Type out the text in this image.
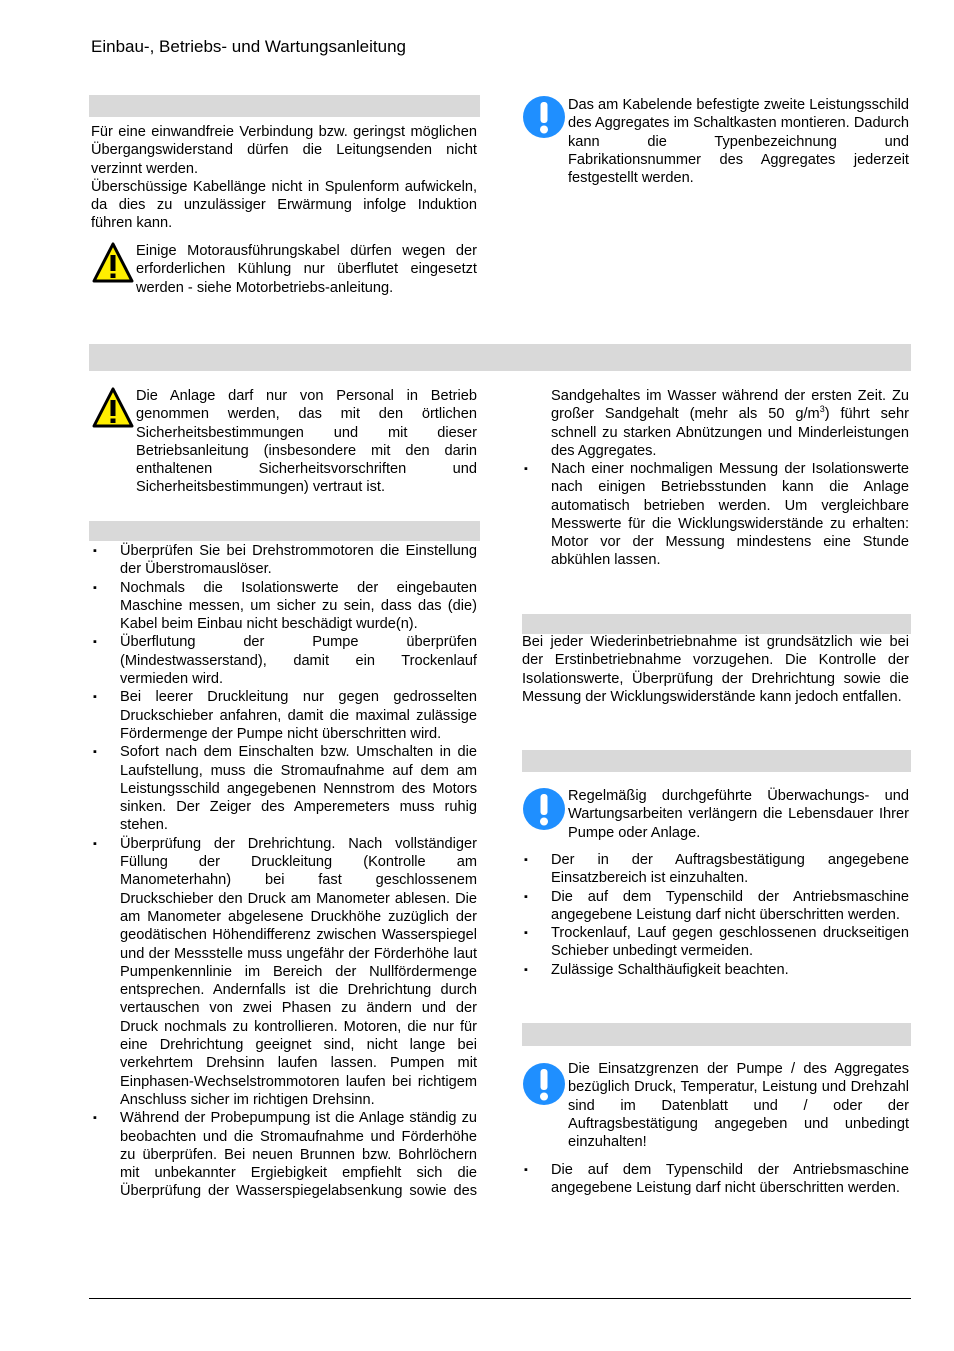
Einbau-, Betriebs- und Wartungsanleitung

Für eine einwandfreie Verbindung bzw. geringst möglichen Übergangswiderstand dürfen die Leitungsenden nicht verzinnt werden.

Überschüssige Kabellänge nicht in Spulenform aufwickeln, da dies zu unzulässiger Erwärmung infolge Induktion führen kann.

Einige Motorausführungskabel dürfen wegen der erforderlichen Kühlung nur überflutet eingesetzt werden - siehe Motorbetriebs-anleitung.
Das am Kabelende befestigte zweite Leistungsschild des Aggregates im Schaltkasten montieren. Dadurch kann die Typenbezeichnung und Fabrikationsnummer des Aggregates jederzeit festgestellt werden.
Die Anlage darf nur von Personal in Betrieb genommen werden, das mit den örtlichen Sicherheitsbestimmungen und mit dieser Betriebsanleitung (insbesondere mit den darin enthaltenen Sicherheitsvorschriften und Sicherheitsbestimmungen) vertraut ist.
▪ Überprüfen Sie bei Drehstrommotoren die Einstellung der Überstromauslöser.
▪ Nochmals die Isolationswerte der eingebauten Maschine messen, um sicher zu sein, dass das (die) Kabel beim Einbau nicht beschädigt wurde(n).
▪ Überflutung der Pumpe überprüfen (Mindestwasserstand), damit ein Trockenlauf vermieden wird.
▪ Bei leerer Druckleitung nur gegen gedrosselten Druckschieber anfahren, damit die maximal zulässige Fördermenge der Pumpe nicht überschritten wird.
▪ Sofort nach dem Einschalten bzw. Umschalten in die Laufstellung, muss die Stromaufnahme auf dem am Leistungsschild angegebenen Nennstrom des Motors sinken. Der Zeiger des Amperemeters muss ruhig stehen.
▪ Überprüfung der Drehrichtung. Nach vollständiger Füllung der Druckleitung (Kontrolle am Manometerhahn) bei fast geschlossenem Druckschieber den Druck am Manometer ablesen. Die am Manometer abgelesene Druckhöhe zuzüglich der geodätischen Höhendifferenz zwischen Wasserspiegel und der Messstelle muss ungefähr der Förderhöhe laut Pumpenkennlinie im Bereich der Nullfördermenge entsprechen. Andernfalls ist die Drehrichtung durch vertauschen von zwei Phasen zu ändern und der Druck nochmals zu kontrollieren. Motoren, die nur für eine Drehrichtung geeignet sind, nicht lange bei verkehrtem Drehsinn laufen lassen. Pumpen mit Einphasen-Wechselstrommotoren laufen bei richtigem Anschluss sicher im richtigen Drehsinn.
▪ Während der Probepumpung ist die Anlage ständig zu beobachten und die Stromaufnahme und Förderhöhe zu überprüfen. Bei neuen Brunnen bzw. Bohrlöchern mit unbekannter Ergiebigkeit empfiehlt sich die Überprüfung der Wasserspiegelabsenkung sowie des
Sandgehaltes im Wasser während der ersten Zeit. Zu großer Sandgehalt (mehr als 50 $g/m^3$) führt sehr schnell zu starken Abnützungen und Minderleistungen des Aggregates.
▪ Nach einer nochmaligen Messung der Isolationswerte nach einigen Betriebsstunden kann die Anlage automatisch betrieben werden. Um vergleichbare Messwerte für die Wicklungswiderstände zu erhalten: Motor vor der Messung mindestens eine Stunde abkühlen lassen.
Bei jeder Wiederinbetriebnahme ist grundsätzlich wie bei der Erstinbetriebnahme vorzugehen. Die Kontrolle der Isolationswerte, Überprüfung der Drehrichtung sowie die Messung der Wicklungswiderstände kann jedoch entfallen.
Regelmäßig durchgeführte Überwachungs- und Wartungsarbeiten verlängern die Lebensdauer Ihrer Pumpe oder Anlage.
▪ Der in der Auftragsbestätigung angegebene Einsatzbereich ist einzuhalten.
▪ Die auf dem Typenschild der Antriebsmaschine angegebene Leistung darf nicht überschritten werden.
▪ Trockenlauf, Lauf gegen geschlossenen druckseitigen Schieber unbedingt vermeiden.
▪ Zulässige Schalthäufigkeit beachten.
Die Einsatzgrenzen der Pumpe / des Aggregates bezüglich Druck, Temperatur, Leistung und Drehzahl sind im Datenblatt und / oder der Auftragsbestätigung angegeben und unbedingt einzuhalten!
▪ Die auf dem Typenschild der Antriebsmaschine angegebene Leistung darf nicht überschritten werden.
